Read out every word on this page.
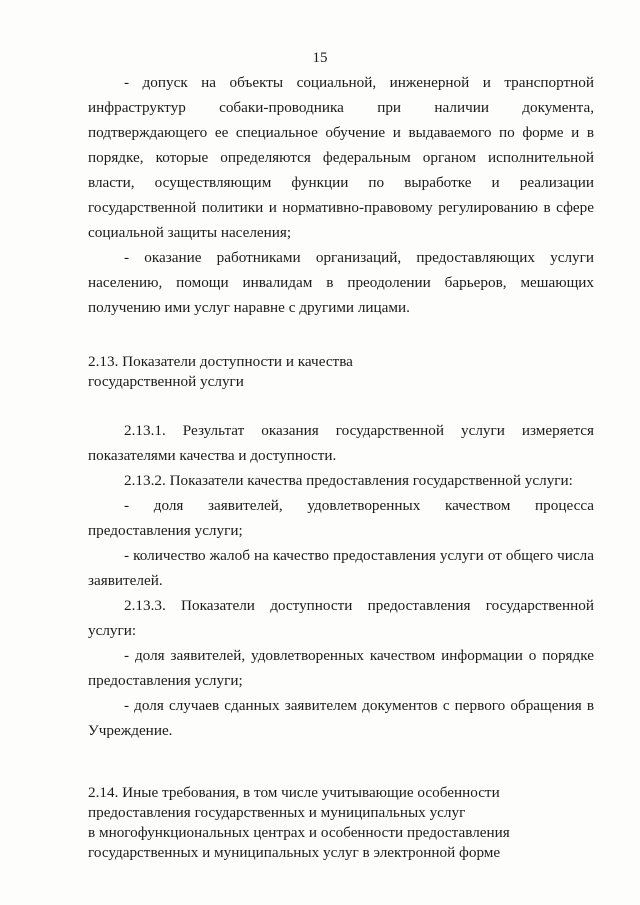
15

- допуск на объекты социальной, инженерной и транспортной инфраструктур собаки-проводника при наличии документа, подтверждающего ее специальное обучение и выдаваемого по форме и в порядке, которые определяются федеральным органом исполнительной власти, осуществляющим функции по выработке и реализации государственной политики и нормативно-правовому регулированию в сфере социальной защиты населения;

- оказание работниками организаций, предоставляющих услуги населению, помощи инвалидам в преодолении барьеров, мешающих получению ими услуг наравне с другими лицами.

2.13. Показатели доступности и качества
государственной услуги

2.13.1. Результат оказания государственной услуги измеряется показателями качества и доступности.

2.13.2. Показатели качества предоставления государственной услуги:

- доля заявителей, удовлетворенных качеством процесса предоставления услуги;

- количество жалоб на качество предоставления услуги от общего числа заявителей.

2.13.3. Показатели доступности предоставления государственной услуги:

- доля заявителей, удовлетворенных качеством информации о порядке предоставления услуги;

- доля случаев сданных заявителем документов с первого обращения в Учреждение.

2.14. Иные требования, в том числе учитывающие особенности
предоставления государственных и муниципальных услуг
в многофункциональных центрах и особенности предоставления
государственных и муниципальных услуг в электронной форме
